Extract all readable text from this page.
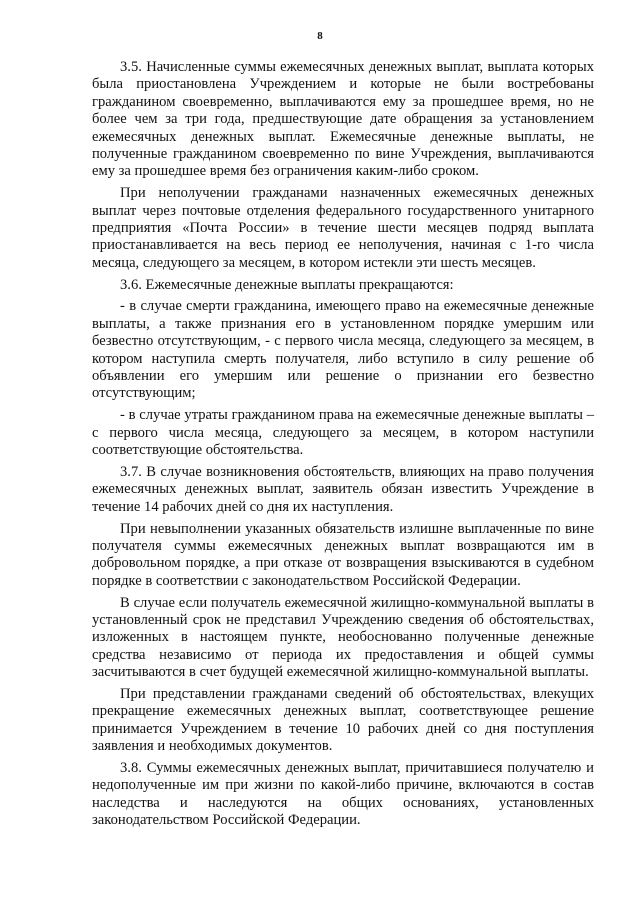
8

3.5. Начисленные суммы ежемесячных денежных выплат, выплата которых была приостановлена Учреждением и которые не были востребованы гражданином своевременно, выплачиваются ему за прошедшее время, но не более чем за три года, предшествующие дате обращения за установлением ежемесячных денежных выплат. Ежемесячные денежные выплаты, не полученные гражданином своевременно по вине Учреждения, выплачиваются ему за прошедшее время без ограничения каким-либо сроком.

При неполучении гражданами назначенных ежемесячных денежных выплат через почтовые отделения федерального государственного унитарного предприятия «Почта России» в течение шести месяцев подряд выплата приостанавливается на весь период ее неполучения, начиная с 1-го числа месяца, следующего за месяцем, в котором истекли эти шесть месяцев.

3.6. Ежемесячные денежные выплаты прекращаются:

- в случае смерти гражданина, имеющего право на ежемесячные денежные выплаты, а также признания его в установленном порядке умершим или безвестно отсутствующим, - с первого числа месяца, следующего за месяцем, в котором наступила смерть получателя, либо вступило в силу решение об объявлении его умершим или решение о признании его безвестно отсутствующим;

- в случае утраты гражданином права на ежемесячные денежные выплаты – с первого числа месяца, следующего за месяцем, в котором наступили соответствующие обстоятельства.

3.7. В случае возникновения обстоятельств, влияющих на право получения ежемесячных денежных выплат, заявитель обязан известить Учреждение в течение 14 рабочих дней со дня их наступления.

При невыполнении указанных обязательств излишне выплаченные по вине получателя суммы ежемесячных денежных выплат возвращаются им в добровольном порядке, а при отказе от возвращения взыскиваются в судебном порядке в соответствии с законодательством Российской Федерации.

В случае если получатель ежемесячной жилищно-коммунальной выплаты в установленный срок не представил Учреждению сведения об обстоятельствах, изложенных в настоящем пункте, необоснованно полученные денежные средства независимо от периода их предоставления и общей суммы засчитываются в счет будущей ежемесячной жилищно-коммунальной выплаты.

При представлении гражданами сведений об обстоятельствах, влекущих прекращение ежемесячных денежных выплат, соответствующее решение принимается Учреждением в течение 10 рабочих дней со дня поступления заявления и необходимых документов.

3.8. Суммы ежемесячных денежных выплат, причитавшиеся получателю и недополученные им при жизни по какой-либо причине, включаются в состав наследства и наследуются на общих основаниях, установленных законодательством Российской Федерации.
